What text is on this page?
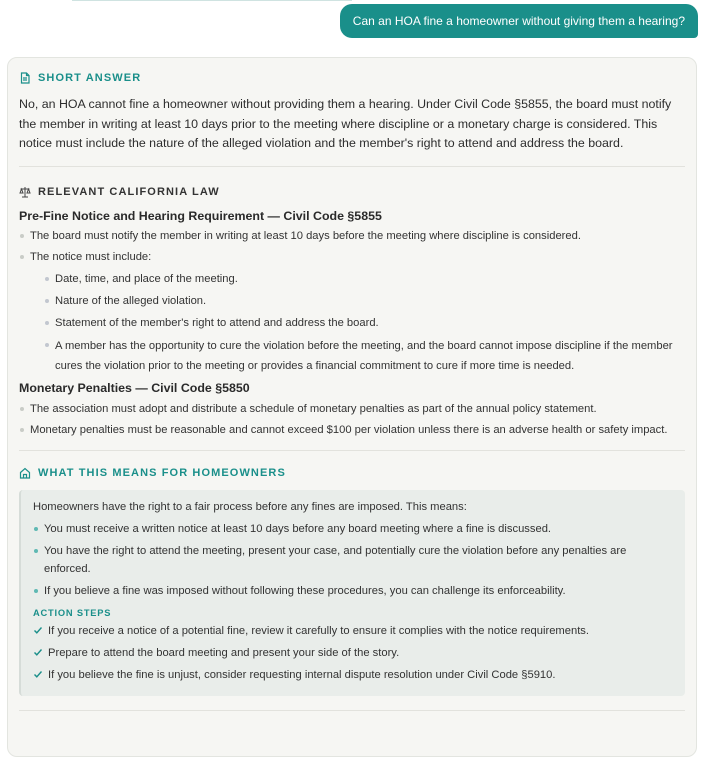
Can an HOA fine a homeowner without giving them a hearing?
SHORT ANSWER

No, an HOA cannot fine a homeowner without providing them a hearing. Under Civil Code §5855, the board must notify the member in writing at least 10 days prior to the meeting where discipline or a monetary charge is considered. This notice must include the nature of the alleged violation and the member's right to attend and address the board.

RELEVANT CALIFORNIA LAW
Pre-Fine Notice and Hearing Requirement — Civil Code §5855
The board must notify the member in writing at least 10 days before the meeting where discipline is considered.
The notice must include:
Date, time, and place of the meeting.
Nature of the alleged violation.
Statement of the member's right to attend and address the board.
A member has the opportunity to cure the violation before the meeting, and the board cannot impose discipline if the member cures the violation prior to the meeting or provides a financial commitment to cure if more time is needed.
Monetary Penalties — Civil Code §5850
The association must adopt and distribute a schedule of monetary penalties as part of the annual policy statement.
Monetary penalties must be reasonable and cannot exceed $100 per violation unless there is an adverse health or safety impact.
WHAT THIS MEANS FOR HOMEOWNERS

Homeowners have the right to a fair process before any fines are imposed. This means:

You must receive a written notice at least 10 days before any board meeting where a fine is discussed.
You have the right to attend the meeting, present your case, and potentially cure the violation before any penalties are enforced.
If you believe a fine was imposed without following these procedures, you can challenge its enforceability.
ACTION STEPS
If you receive a notice of a potential fine, review it carefully to ensure it complies with the notice requirements.
Prepare to attend the board meeting and present your side of the story.
If you believe the fine is unjust, consider requesting internal dispute resolution under Civil Code §5910.
